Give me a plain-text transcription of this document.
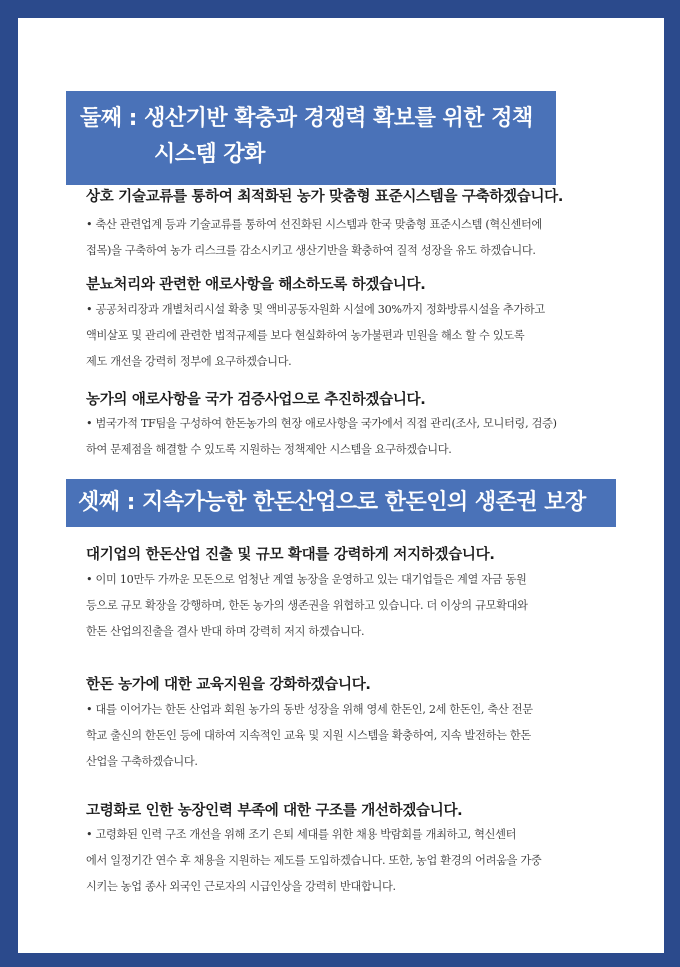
둘째 : 생산기반 확충과 경쟁력 확보를 위한 정책
시스템 강화
상호 기술교류를 통하여 최적화된 농가 맞춤형 표준시스템을 구축하겠습니다.
• 축산 관련업계 등과 기술교류를 통하여 선진화된 시스템과 한국 맞춤형 표준시스템 (혁신센터에
접목)을 구축하여 농가 리스크를 감소시키고 생산기반을 확충하여 질적 성장을 유도 하겠습니다.
분뇨처리와 관련한 애로사항을 해소하도록 하겠습니다.
• 공공처리장과 개별처리시설 확충 및 액비공동자원화 시설에 30%까지 정화방류시설을 추가하고
액비살포 및 관리에 관련한 법적규제를 보다 현실화하여 농가불편과 민원을 해소 할 수 있도록
제도 개선을 강력히 정부에 요구하겠습니다.
농가의 애로사항을 국가 검증사업으로 추진하겠습니다.
• 범국가적 TF팀을 구성하여 한돈농가의 현장 애로사항을 국가에서 직접 관리(조사, 모니터링, 검증)
하여 문제점을 해결할 수 있도록 지원하는 정책제안 시스템을 요구하겠습니다.
셋째 : 지속가능한 한돈산업으로 한돈인의 생존권 보장
대기업의 한돈산업 진출 및 규모 확대를 강력하게 저지하겠습니다.
• 이미 10만두 가까운 모돈으로 엄청난 계열 농장을 운영하고 있는 대기업들은 계열 자금 동원
등으로 규모 확장을 강행하며, 한돈 농가의 생존권을 위협하고 있습니다. 더 이상의 규모확대와
한돈 산업의진출을 결사 반대 하며 강력히 저지 하겠습니다.
한돈 농가에 대한 교육지원을 강화하겠습니다.
• 대를 이어가는 한돈 산업과 회원 농가의 동반 성장을 위해 영세 한돈인, 2세 한돈인, 축산 전문
학교 출신의 한돈인 등에 대하여 지속적인 교육 및 지원 시스템을 확충하여, 지속 발전하는 한돈
산업을 구축하겠습니다.
고령화로 인한 농장인력 부족에 대한 구조를 개선하겠습니다.
• 고령화된 인력 구조 개선을 위해 조기 은퇴 세대를 위한 채용 박람회를 개최하고, 혁신센터
에서 일정기간 연수 후 채용을 지원하는 제도를 도입하겠습니다. 또한, 농업 환경의 어려움을 가중
시키는 농업 종사 외국인 근로자의 시급인상을 강력히 반대합니다.
